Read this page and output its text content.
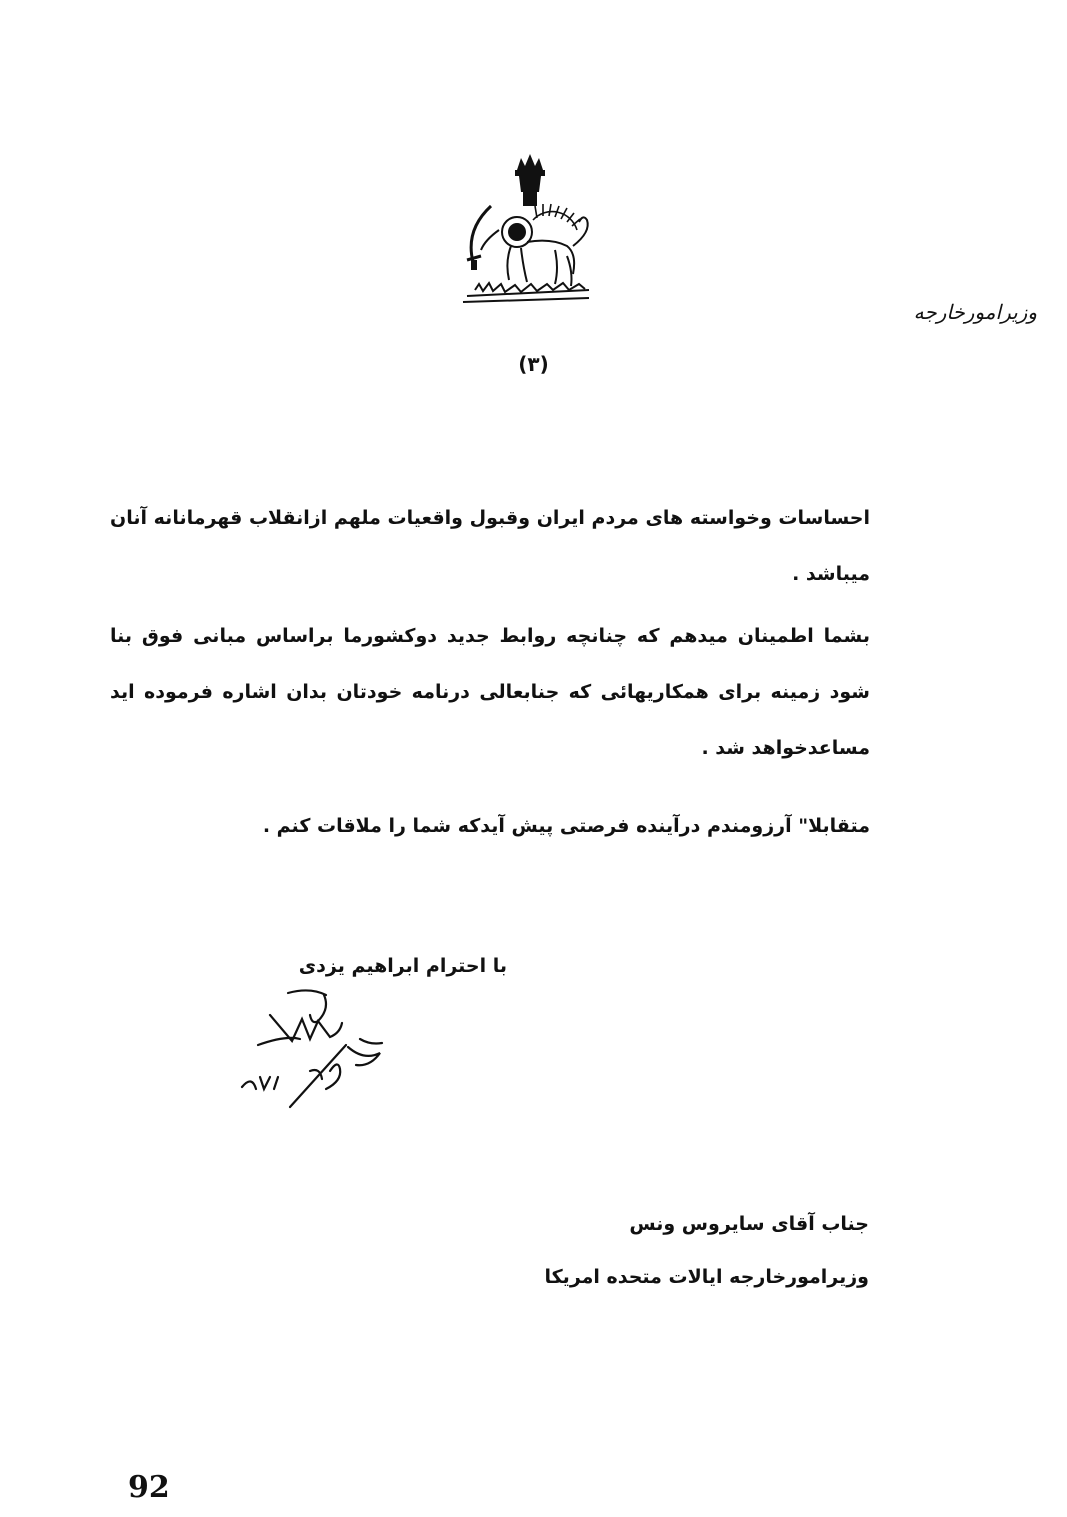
وزیرامورخارجه
(۳)

احساسات وخواسته های مردم ایران وقبول واقعیات ملهم ازانقلاب قهرمانانه آنان میباشد .

بشما اطمینان میدهم که چنانچه روابط جدید دوکشورما براساس مبانی فوق بنا شود زمینه برای همکاریهائی که جنابعالی درنامه خودتان بدان اشاره فرموده اید مساعدخواهد شد .

متقابلا" آرزومندم درآینده فرصتی پیش آیدکه شما را ملاقات کنم .

با احترام ابراهیم یزدی
جناب آقای سایروس ونس
وزیرامورخارجه ایالات متحده امریکا
92
